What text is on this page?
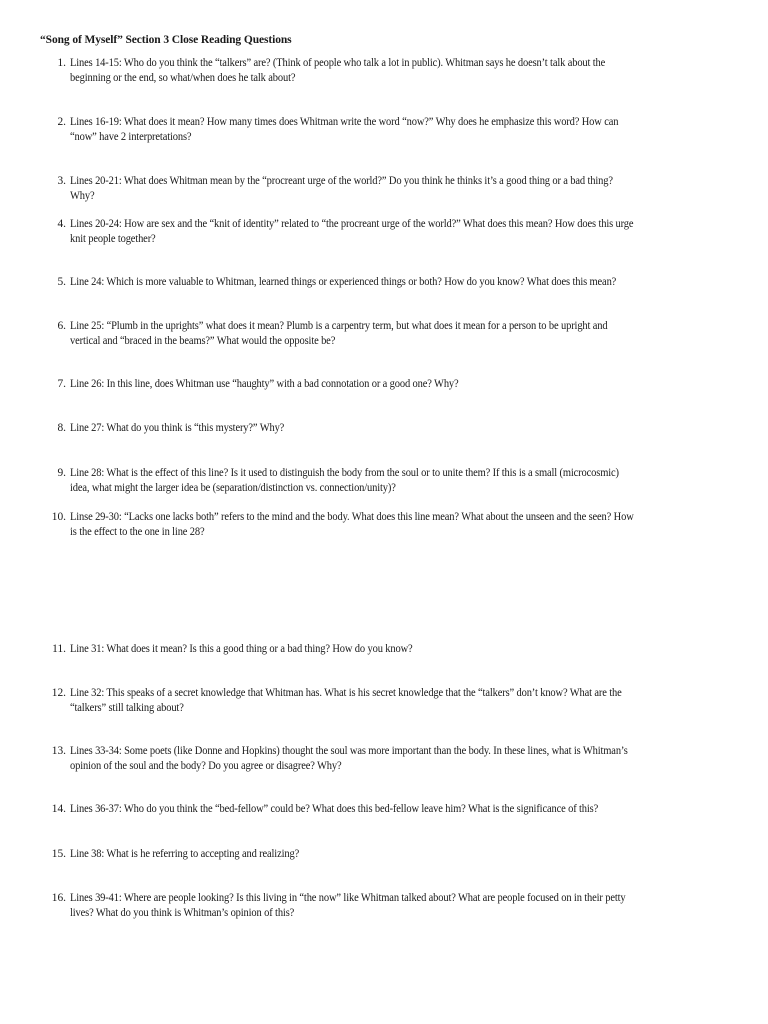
“Song of Myself” Section 3 Close Reading Questions
1. Lines 14-15: Who do you think the “talkers” are? (Think of people who talk a lot in public). Whitman says he doesn’t talk about the
beginning or the end, so what/when does he talk about?
2. Lines 16-19: What does it mean? How many times does Whitman write the word “now?” Why does he emphasize this word? How can
“now” have 2 interpretations?
3. Lines 20-21: What does Whitman mean by the “procreant urge of the world?” Do you think he thinks it’s a good thing or a bad thing?
Why?
4. Lines 20-24: How are sex and the “knit of identity” related to “the procreant urge of the world?” What does this mean? How does this urge
knit people together?
5. Line 24: Which is more valuable to Whitman, learned things or experienced things or both? How do you know? What does this mean?
6. Line 25: “Plumb in the uprights” what does it mean? Plumb is a carpentry term, but what does it mean for a person to be upright and
vertical and “braced in the beams?” What would the opposite be?
7. Line 26: In this line, does Whitman use “haughty” with a bad connotation or a good one? Why?
8. Line 27: What do you think is “this mystery?” Why?
9. Line 28: What is the effect of this line? Is it used to distinguish the body from the soul or to unite them? If this is a small (microcosmic)
idea, what might the larger idea be (separation/distinction vs. connection/unity)?
10. Linse 29-30: “Lacks one lacks both” refers to the mind and the body. What does this line mean? What about the unseen and the seen? How
is the effect to the one in line 28?
11. Line 31: What does it mean? Is this a good thing or a bad thing? How do you know?
12. Line 32: This speaks of a secret knowledge that Whitman has. What is his secret knowledge that the “talkers” don’t know? What are the
“talkers” still talking about?
13. Lines 33-34: Some poets (like Donne and Hopkins) thought the soul was more important than the body. In these lines, what is Whitman’s
opinion of the soul and the body? Do you agree or disagree? Why?
14. Lines 36-37: Who do you think the “bed-fellow” could be? What does this bed-fellow leave him? What is the significance of this?
15. Line 38: What is he referring to accepting and realizing?
16. Lines 39-41: Where are people looking? Is this living in “the now” like Whitman talked about? What are people focused on in their petty
lives? What do you think is Whitman’s opinion of this?
